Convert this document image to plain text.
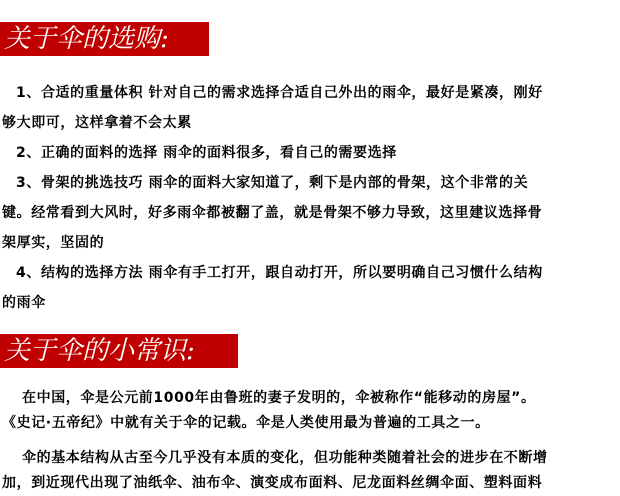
关于伞的选购:

1、合适的重量体积 针对自己的需求选择合适自己外出的雨伞，最好是紧凑，刚好

够大即可，这样拿着不会太累

2、正确的面料的选择 雨伞的面料很多，看自己的需要选择

3、骨架的挑选技巧 雨伞的面料大家知道了，剩下是内部的骨架，这个非常的关

键。经常看到大风时，好多雨伞都被翻了盖，就是骨架不够力导致，这里建议选择骨

架厚实，坚固的

4、结构的选择方法 雨伞有手工打开，跟自动打开，所以要明确自己习惯什么结构

的雨伞

关于伞的小常识:

在中国，伞是公元前1000年由鲁班的妻子发明的，伞被称作“能移动的房屋”。

《史记·五帝纪》中就有关于伞的记载。伞是人类使用最为普遍的工具之一。

伞的基本结构从古至今几乎没有本质的变化，但功能种类随着社会的进步在不断增

加，到近现代出现了油纸伞、油布伞、演变成布面料、尼龙面料丝绸伞面、塑料面料
